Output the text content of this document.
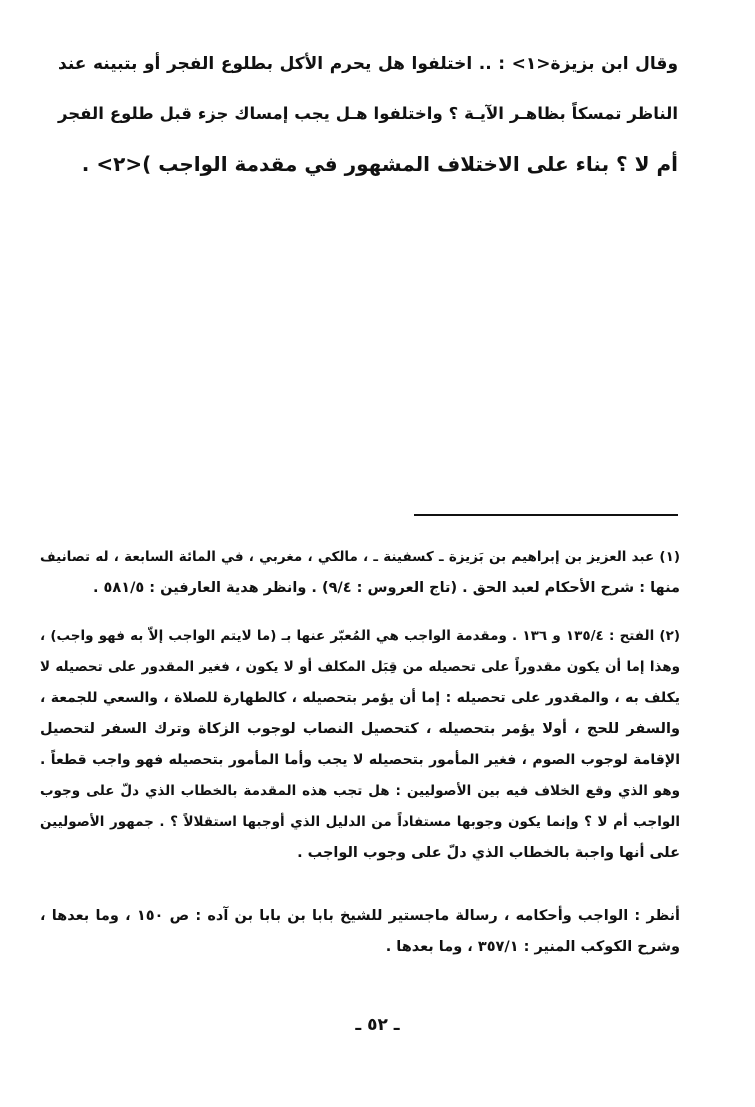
وقال ابن بزيزة<١> : .. اختلفوا هل يحرم الأكل بطلوع الفجر أو بتبينه عند
الناظر تمسكاً بظاهـر الآيـة ؟ واختلفوا هـل يجب إمساك جزء قبل طلوع الفجر
أم لا ؟ بناء على الاختلاف المشهور في مقدمة الواجب )<٢> .
(١) عبد العزيز بن إبراهيم بن بَزيزة ـ كسفينة ـ ، مالكي ، مغربي ، في المائة السابعة ، له تصانيف
منها : شرح الأحكام لعبد الحق . (تاج العروس : ٩/٤) . وانظر هدية العارفين : ٥٨١/٥ .
(٢) الفتح : ١٣٥/٤ و ١٣٦ . ومقدمة الواجب هي المُعبّر عنها بـ (ما لايتم الواجب إلاّ به فهو واجب) ،
وهذا إما أن يكون مقدوراً على تحصيله من قِبَل المكلف أو لا يكون ، فغير المقدور على تحصيله لا
يكلف به ، والمقدور على تحصيله : إما أن يؤمر بتحصيله ، كالطهارة للصلاة ، والسعي للجمعة ،
والسفر للحج ، أولا يؤمر بتحصيله ، كتحصيل النصاب لوجوب الزكاة وترك السفر لتحصيل
الإقامة لوجوب الصوم ، فغير المأمور بتحصيله لا يجب وأما المأمور بتحصيله فهو واجب قطعاً .
وهو الذي وقع الخلاف فيه بين الأصوليين : هل تجب هذه المقدمة بالخطاب الذي دلّ على وجوب
الواجب أم لا ؟ وإنما يكون وجوبها مستفاداً من الدليل الذي أوجبها استقلالاً ؟ . جمهور الأصوليين
على أنها واجبة بالخطاب الذي دلّ على وجوب الواجب .
أنظر : الواجب وأحكامه ، رسالة ماجستير للشيخ بابا بن بابا بن آده : ص ١٥٠ ، وما بعدها ،
وشرح الكوكب المنير : ٣٥٧/١ ، وما بعدها .
ـ ٥٢ ـ
